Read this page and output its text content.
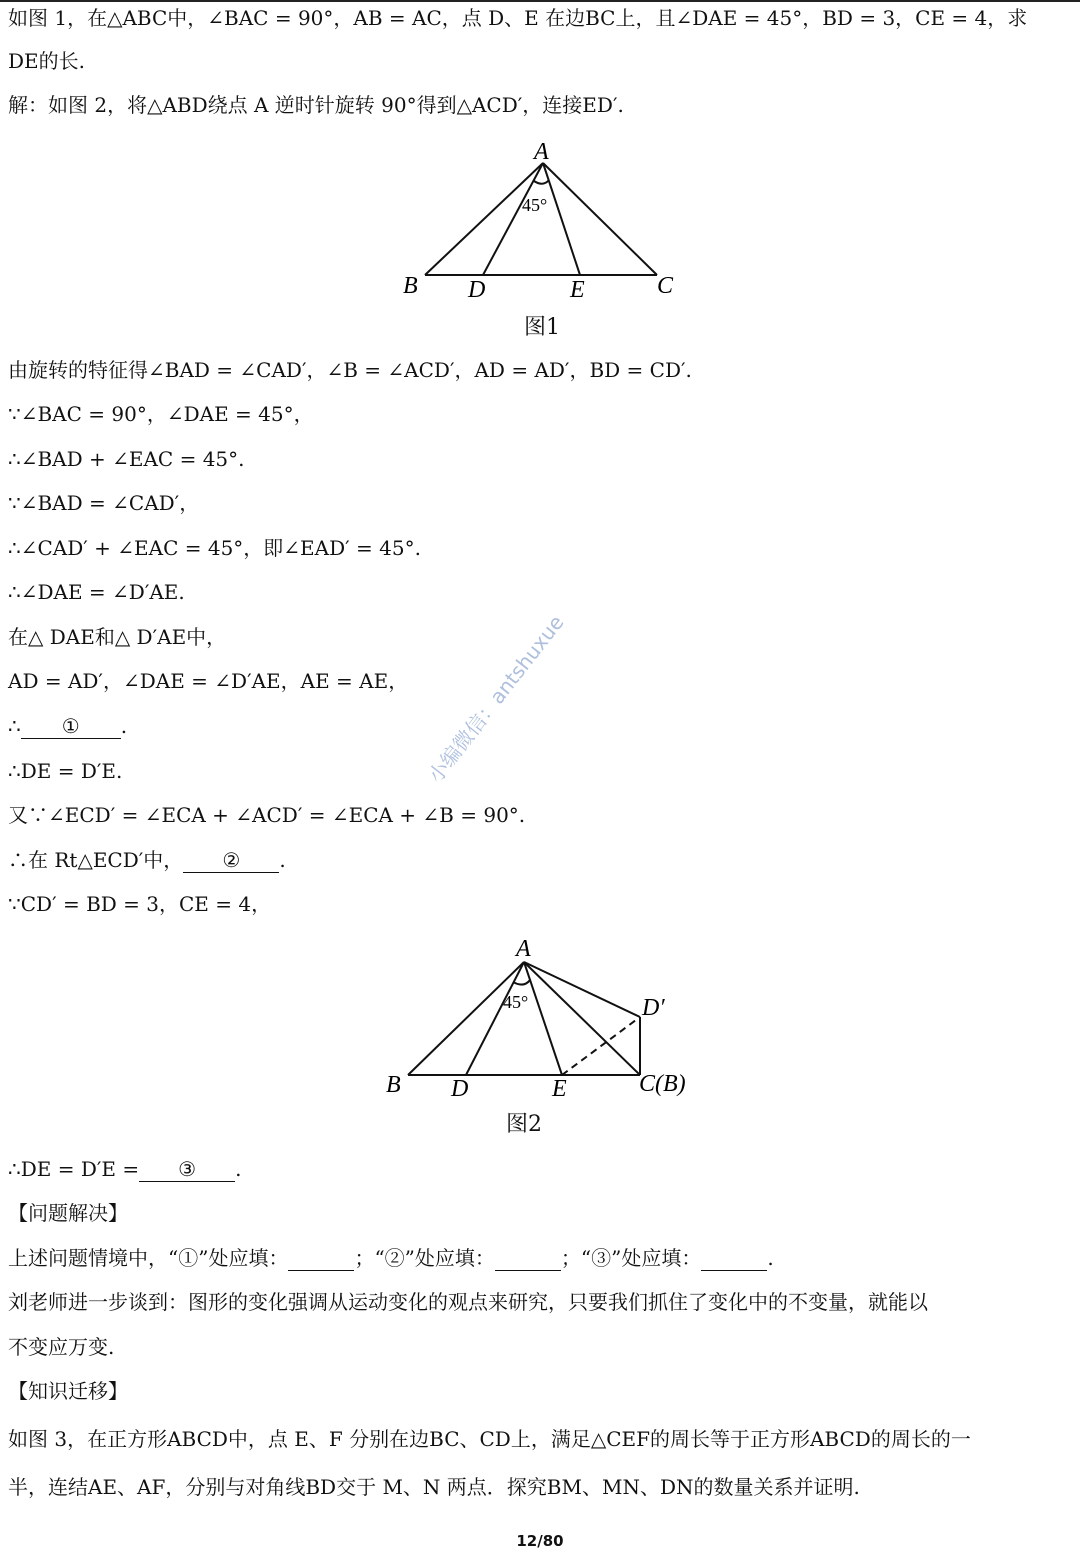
如图 1，在△ABC中，∠BAC = 90°，AB = AC，点 D、E 在边BC上，且∠DAE = 45°，BD = 3，CE = 4，求
DE的长.
解：如图 2，将△ABD绕点 A 逆时针旋转 90°得到△ACD′，连接ED′.
A
B D	E	C
45°
图1
由旋转的特征得∠BAD = ∠CAD′，∠B = ∠ACD′，AD = AD′，BD = CD′.
∵∠BAC = 90°，∠DAE = 45°，
∴∠BAD + ∠EAC = 45°.
∵∠BAD = ∠CAD′，
∴∠CAD′ + ∠EAC = 45°，即∠EAD′ = 45°.
∴∠DAE = ∠D′AE.
在△ DAE和△ D′AE中，
AD = AD′，∠DAE = ∠D′AE，AE = AE，
∴ ① .
∴DE = D′E.
又∵∠ECD′ = ∠ECA + ∠ACD′ = ∠ECA + ∠B = 90°.
∴在 Rt△ECD′中， ② .
∵CD′ = BD = 3，CE = 4，
A
B D	E	C(B)
D′
45°
图2
∴DE = D′E = ③ .
【问题解决】
上述问题情境中，“①”处应填：	；“②”处应填：	；“③”处应填：	.
刘老师进一步谈到：图形的变化强调从运动变化的观点来研究，只要我们抓住了变化中的不变量，就能以
不变应万变.
【知识迁移】
如图 3，在正方形ABCD中，点 E、F 分别在边BC、CD上，满足△CEF的周长等于正方形ABCD的周长的一
半，连结AE、AF，分别与对角线BD交于 M、N 两点．探究BM、MN、DN的数量关系并证明.
小编微信：antshuxue
12/80
